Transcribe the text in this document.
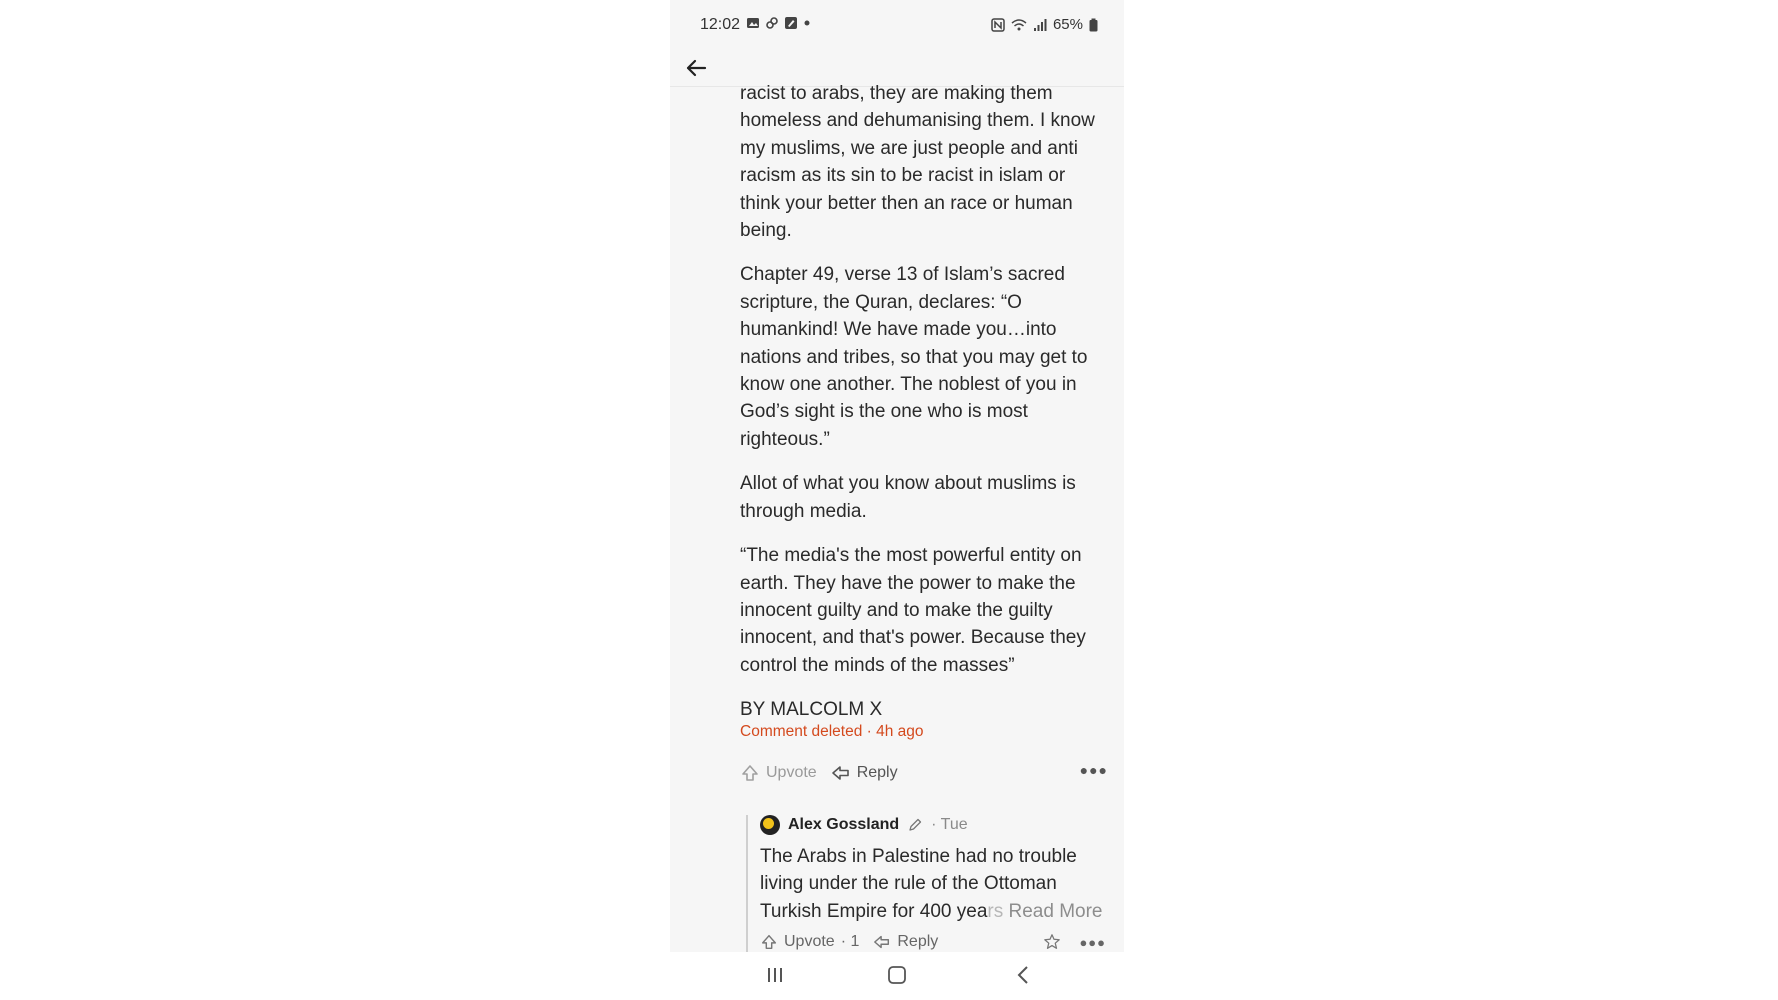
12:02	65%

racist to arabs, they are making them homeless and dehumanising them. I know my muslims, we are just people and anti racism as its sin to be racist in islam or think your better then an race or human being.

Chapter 49, verse 13 of Islam’s sacred scripture, the Quran, declares: “O humankind! We have made you…into nations and tribes, so that you may get to know one another. The noblest of you in God’s sight is the one who is most righteous.”

Allot of what you know about muslims is through media.

“The media's the most powerful entity on earth. They have the power to make the innocent guilty and to make the guilty innocent, and that's power. Because they control the minds of the masses”

BY MALCOLM X
Comment deleted · 4h ago
Upvote	Reply	●●●
Alex Gossland · Tue
The Arabs in Palestine had no trouble living under the rule of the Ottoman Turkish Empire for 400 years Read More
Upvote · 1 Reply	●●●
